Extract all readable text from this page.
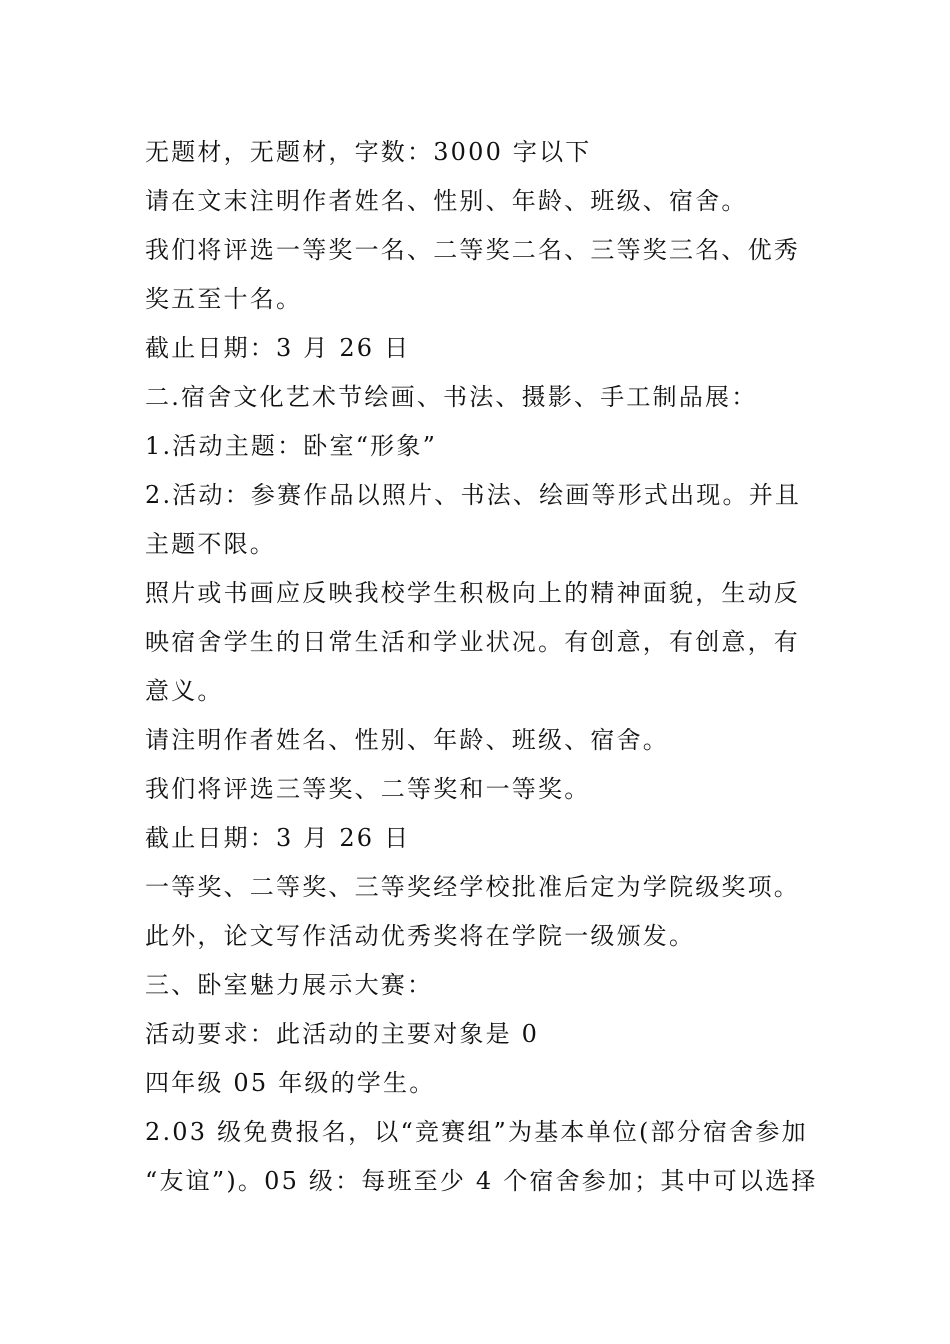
无题材，无题材，字数：3000 字以下
请在文末注明作者姓名、性别、年龄、班级、宿舍。
我们将评选一等奖一名、二等奖二名、三等奖三名、优秀
奖五至十名。
截止日期：3 月 26 日
二.宿舍文化艺术节绘画、书法、摄影、手工制品展：
1.活动主题：卧室“形象”
2.活动：参赛作品以照片、书法、绘画等形式出现。并且
主题不限。
照片或书画应反映我校学生积极向上的精神面貌，生动反
映宿舍学生的日常生活和学业状况。有创意，有创意，有
意义。
请注明作者姓名、性别、年龄、班级、宿舍。
我们将评选三等奖、二等奖和一等奖。
截止日期：3 月 26 日
一等奖、二等奖、三等奖经学校批准后定为学院级奖项。
此外，论文写作活动优秀奖将在学院一级颁发。
三、卧室魅力展示大赛：
活动要求：此活动的主要对象是 0
四年级 05 年级的学生。
2.03 级免费报名，以“竞赛组”为基本单位(部分宿舍参加
“友谊”)。05 级：每班至少 4 个宿舍参加；其中可以选择
